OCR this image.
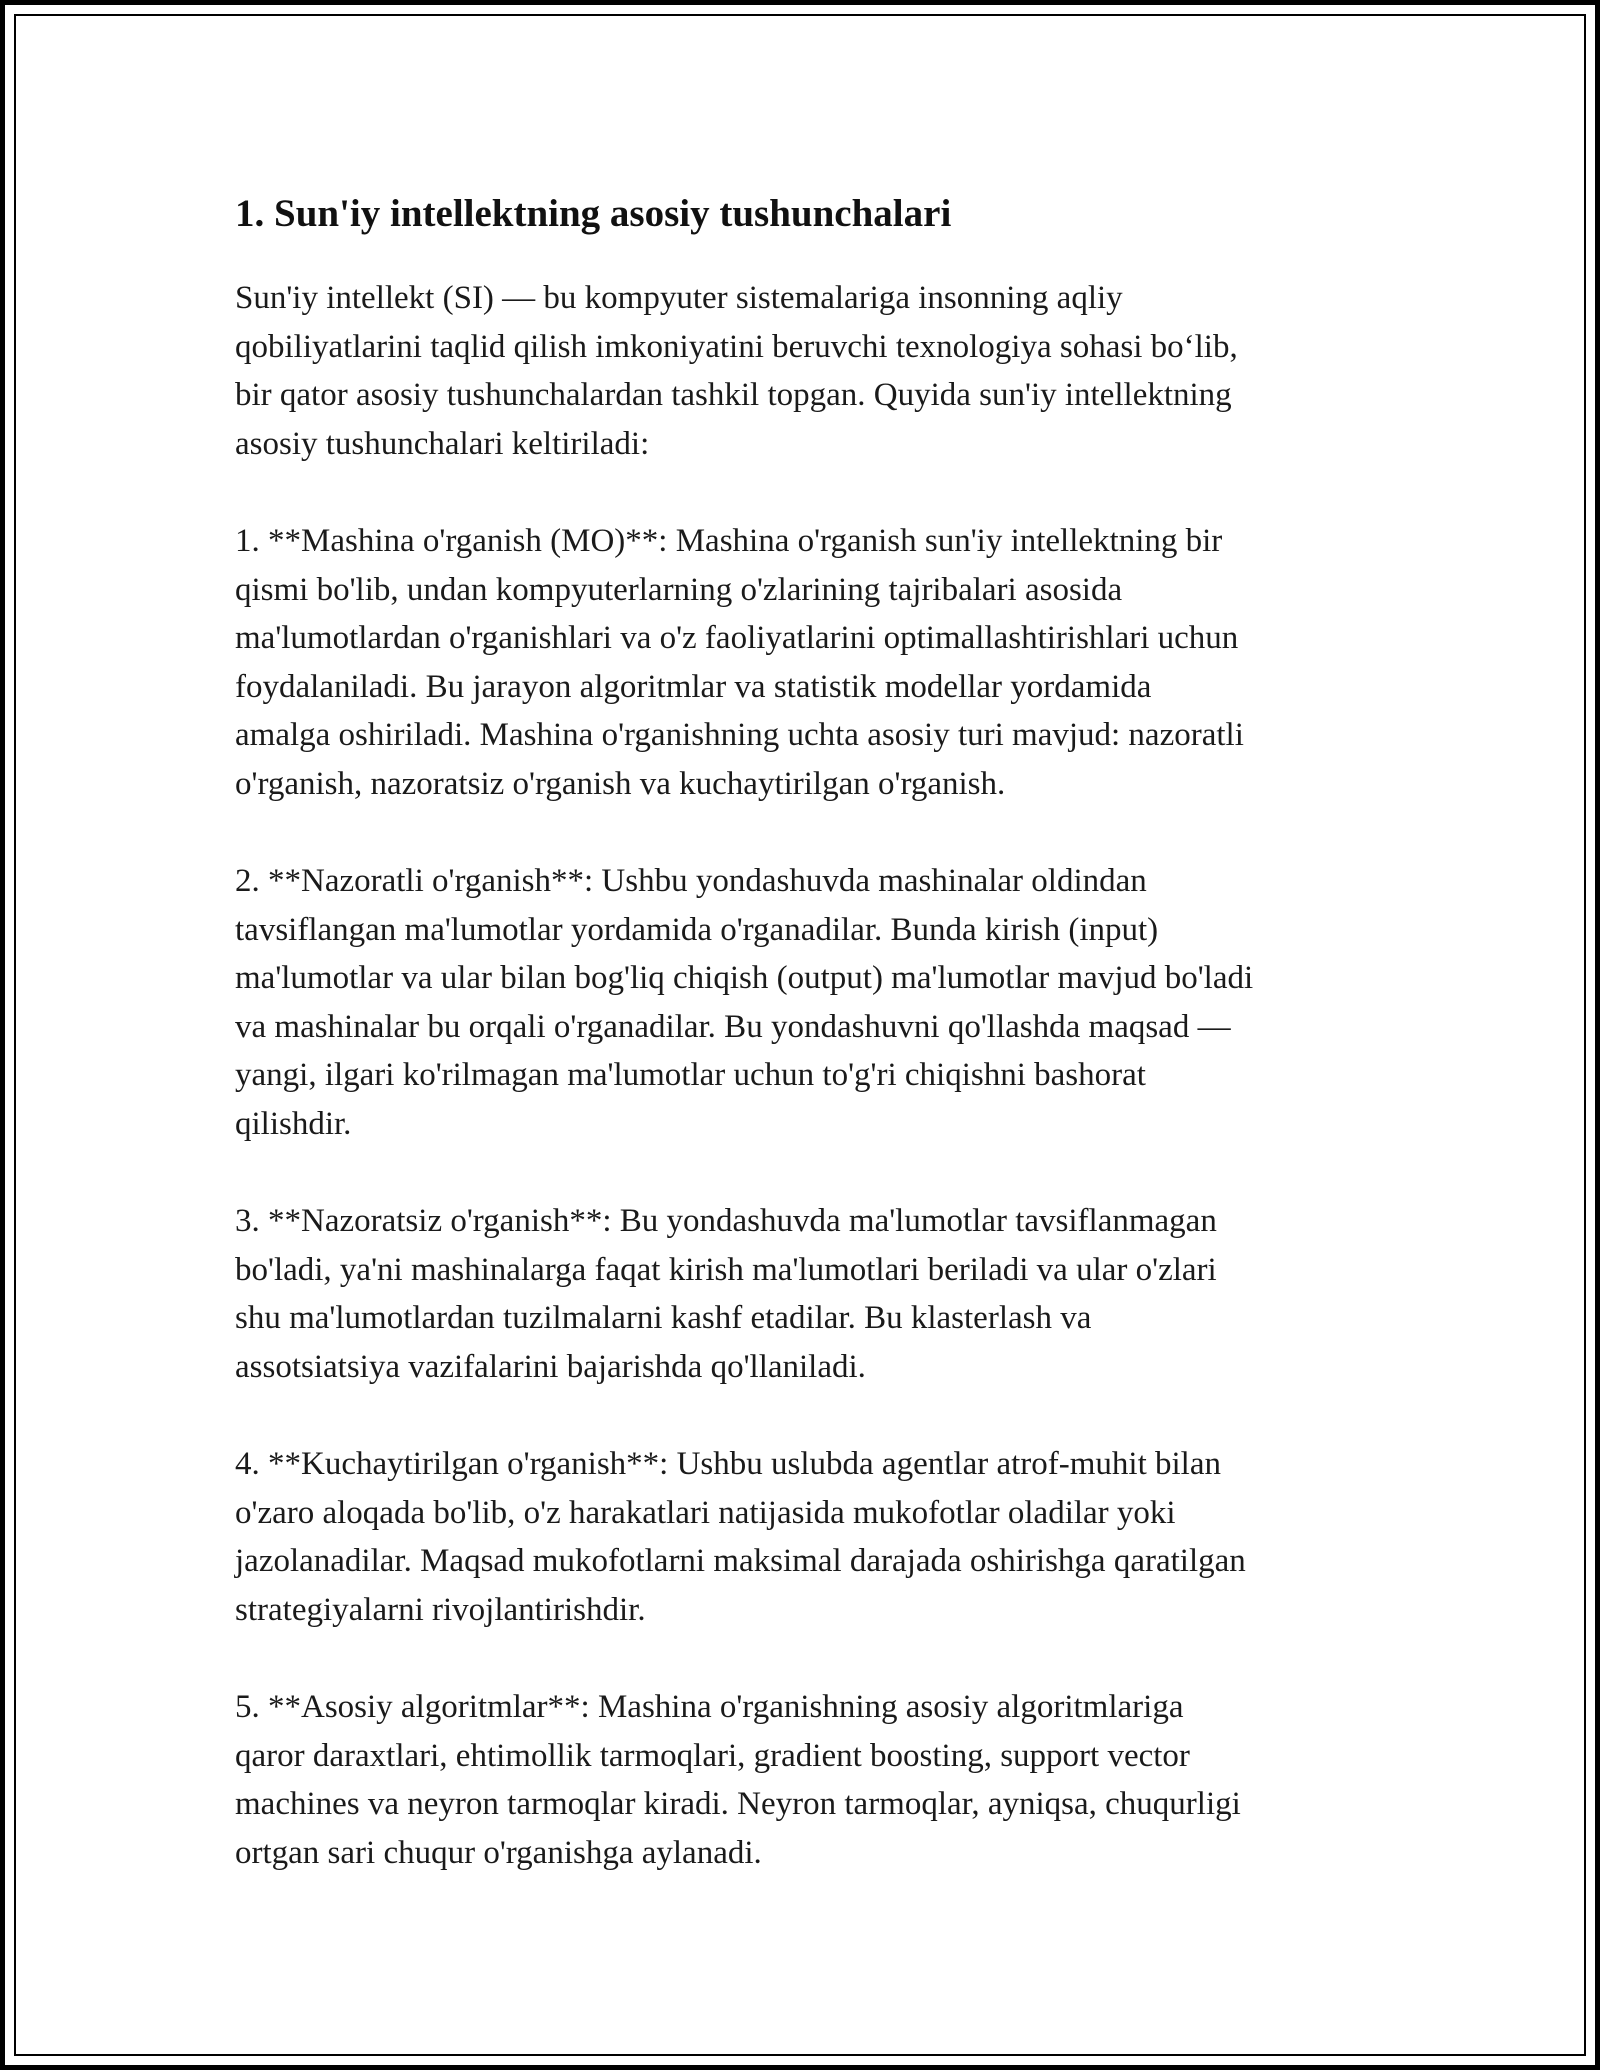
1. Sun'iy intellektning asosiy tushunchalari

Sun'iy intellekt (SI) — bu kompyuter sistemalariga insonning aqliy
qobiliyatlarini taqlid qilish imkoniyatini beruvchi texnologiya sohasi bo‘lib,
bir qator asosiy tushunchalardan tashkil topgan. Quyida sun'iy intellektning
asosiy tushunchalari keltiriladi:

1. **Mashina o'rganish (MO)**: Mashina o'rganish sun'iy intellektning bir
qismi bo'lib, undan kompyuterlarning o'zlarining tajribalari asosida
ma'lumotlardan o'rganishlari va o'z faoliyatlarini optimallashtirishlari uchun
foydalaniladi. Bu jarayon algoritmlar va statistik modellar yordamida
amalga oshiriladi. Mashina o'rganishning uchta asosiy turi mavjud: nazoratli
o'rganish, nazoratsiz o'rganish va kuchaytirilgan o'rganish.

2. **Nazoratli o'rganish**: Ushbu yondashuvda mashinalar oldindan
tavsiflangan ma'lumotlar yordamida o'rganadilar. Bunda kirish (input)
ma'lumotlar va ular bilan bog'liq chiqish (output) ma'lumotlar mavjud bo'ladi
va mashinalar bu orqali o'rganadilar. Bu yondashuvni qo'llashda maqsad —
yangi, ilgari ko'rilmagan ma'lumotlar uchun to'g'ri chiqishni bashorat
qilishdir.

3. **Nazoratsiz o'rganish**: Bu yondashuvda ma'lumotlar tavsiflanmagan
bo'ladi, ya'ni mashinalarga faqat kirish ma'lumotlari beriladi va ular o'zlari
shu ma'lumotlardan tuzilmalarni kashf etadilar. Bu klasterlash va
assotsiatsiya vazifalarini bajarishda qo'llaniladi.

4. **Kuchaytirilgan o'rganish**: Ushbu uslubda agentlar atrof-muhit bilan
o'zaro aloqada bo'lib, o'z harakatlari natijasida mukofotlar oladilar yoki
jazolanadilar. Maqsad mukofotlarni maksimal darajada oshirishga qaratilgan
strategiyalarni rivojlantirishdir.

5. **Asosiy algoritmlar**: Mashina o'rganishning asosiy algoritmlariga
qaror daraxtlari, ehtimollik tarmoqlari, gradient boosting, support vector
machines va neyron tarmoqlar kiradi. Neyron tarmoqlar, ayniqsa, chuqurligi
ortgan sari chuqur o'rganishga aylanadi.
